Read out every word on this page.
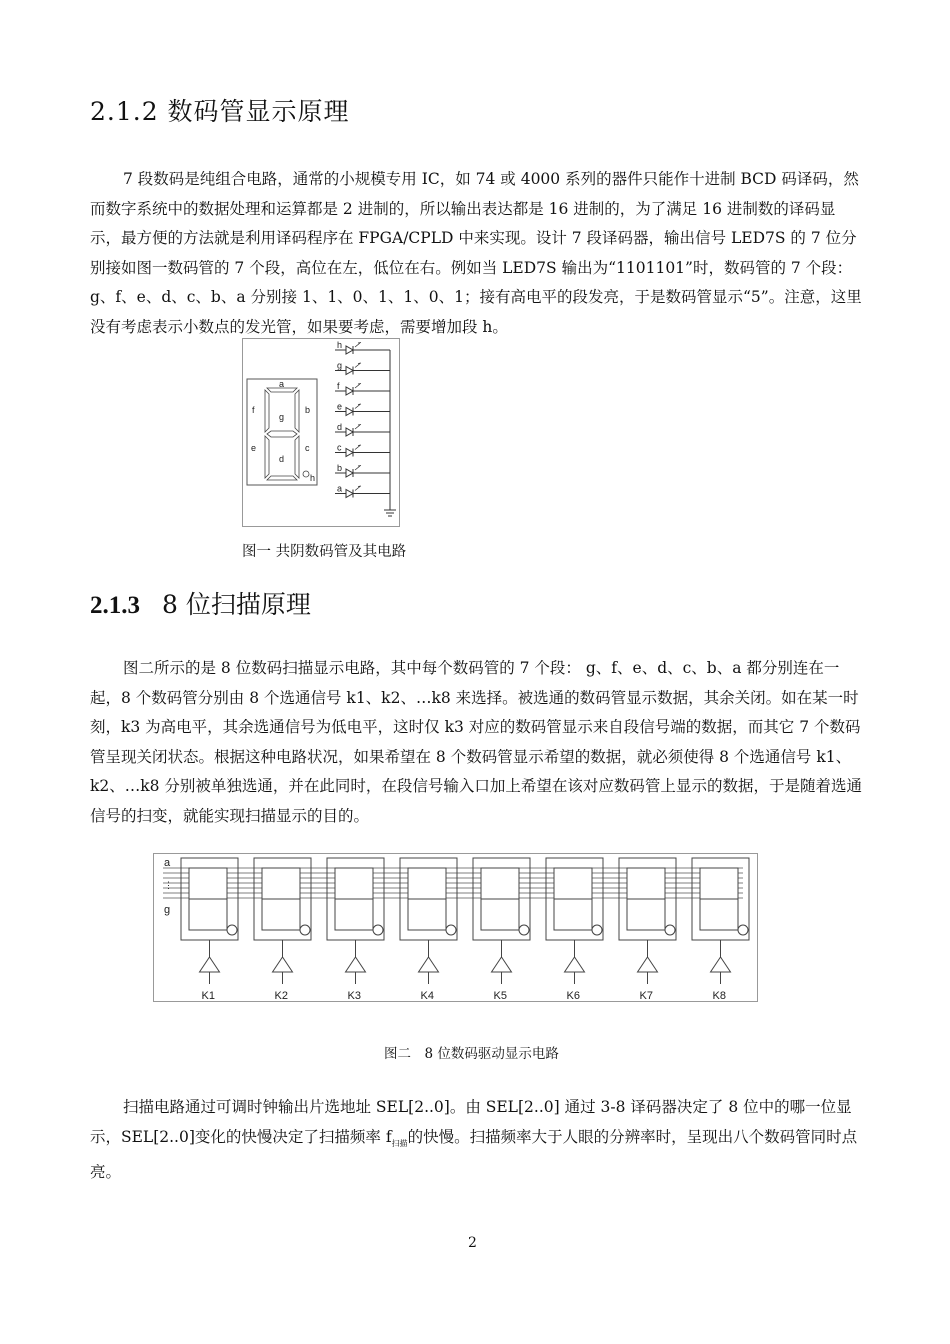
2.1.2 数码管显示原理

7 段数码是纯组合电路，通常的小规模专用 IC，如 74 或 4000 系列的器件只能作十进制 BCD 码译码，然而数字系统中的数据处理和运算都是 2 进制的，所以输出表达都是 16 进制的，为了满足 16 进制数的译码显示，最方便的方法就是利用译码程序在 FPGA/CPLD 中来实现。设计 7 段译码器，输出信号 LED7S 的 7 位分别接如图一数码管的 7 个段，高位在左，低位在右。例如当 LED7S 输出为“1101101”时，数码管的 7 个段：g、f、e、d、c、b、a 分别接 1、1、0、1、1、0、1；接有高电平的段发亮，于是数码管显示“5”。注意，这里没有考虑表示小数点的发光管，如果要考虑，需要增加段 h。

a
f
g
b
e	c
d
h
h
g
f
e
d
c
b
a

图一 共阴数码管及其电路

2.1.3 8 位扫描原理

图二所示的是 8 位数码扫描显示电路，其中每个数码管的 7 个段： g、f、e、d、c、b、a 都分别连在一起，8 个数码管分别由 8 个选通信号 k1、k2、…k8 来选择。被选通的数码管显示数据，其余关闭。如在某一时刻，k3 为高电平，其余选通信号为低电平，这时仅 k3 对应的数码管显示来自段信号端的数据，而其它 7 个数码管呈现关闭状态。根据这种电路状况，如果希望在 8 个数码管显示希望的数据，就必须使得 8 个选通信号 k1、k2、…k8 分别被单独选通，并在此同时，在段信号输入口加上希望在该对应数码管上显示的数据，于是随着选通信号的扫变，就能实现扫描显示的目的。

a
⋮
g
K1	K2	K3	K4	K5	K6	K7	K8

图二　8 位数码驱动显示电路

扫描电路通过可调时钟输出片选地址 SEL[2..0]。由 SEL[2..0] 通过 3-8 译码器决定了 8 位中的哪一位显示，SEL[2..0]变化的快慢决定了扫描频率 $f_{扫描}$的快慢。扫描频率大于人眼的分辨率时，呈现出八个数码管同时点亮。

2
